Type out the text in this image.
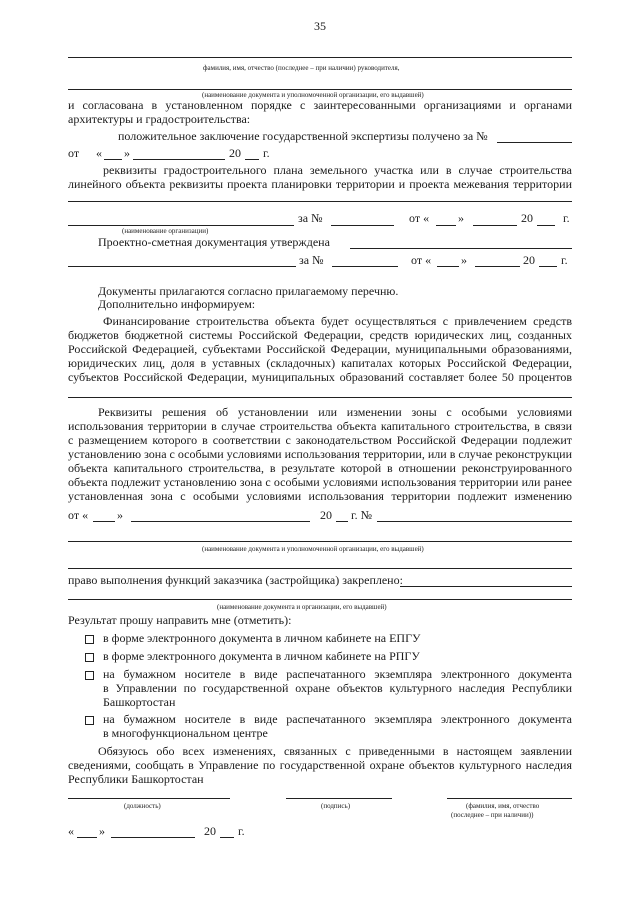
35
фамилия, имя, отчество (последнее – при наличии) руководителя,
(наименование документа и уполномоченной организации, его выдавшей)
и согласована в установленном порядке с заинтересованными организациями и органами
архитектуры и градостроительства:
положительное заключение государственной экспертизы получено за №
от « »	20 г.
реквизиты градостроительного плана земельного участка или в случае строительства
линейного объекта реквизиты проекта планировки территории и проекта межевания территории
за №	от « »	20	г.
(наименование организации)
Проектно-сметная документация утверждена
за №	от « »	20 г.
Документы прилагаются согласно прилагаемому перечню.
Дополнительно информируем:
Финансирование строительства объекта будет осуществляться с привлечением средств
бюджетов бюджетной системы Российской Федерации, средств юридических лиц, созданных
Российской Федерацией, субъектами Российской Федерации, муниципальными образованиями,
юридических лиц, доля в уставных (складочных) капиталах которых Российской Федерации,
субъектов Российской Федерации, муниципальных образований составляет более 50 процентов
Реквизиты решения об установлении или изменении зоны с особыми условиями
использования территории в случае строительства объекта капитального строительства, в связи
с размещением которого в соответствии с законодательством Российской Федерации подлежит
установлению зона с особыми условиями использования территории, или в случае реконструкции
объекта капитального строительства, в результате которой в отношении реконструированного
объекта подлежит установлению зона с особыми условиями использования территории или ранее
установленная зона с особыми условиями использования территории подлежит изменению
от « »	20 г. №
(наименование документа и уполномоченной организации, его выдавшей)
право выполнения функций заказчика (застройщика) закреплено:
(наименование документа и организации, его выдавшей)
Результат прошу направить мне (отметить):
в форме электронного документа в личном кабинете на ЕПГУ
в форме электронного документа в личном кабинете на РПГУ
на бумажном носителе в виде распечатанного экземпляра электронного документа
в Управлении по государственной охране объектов культурного наследия Республики
Башкортостан
на бумажном носителе в виде распечатанного экземпляра электронного документа
в многофункциональном центре
Обязуюсь обо всех изменениях, связанных с приведенными в настоящем заявлении
сведениями, сообщать в Управление по государственной охране объектов культурного наследия
Республики Башкортостан
(должность)	(подпись)	(фамилия, имя, отчество
(последнее – при наличии))
« »	20 г.
